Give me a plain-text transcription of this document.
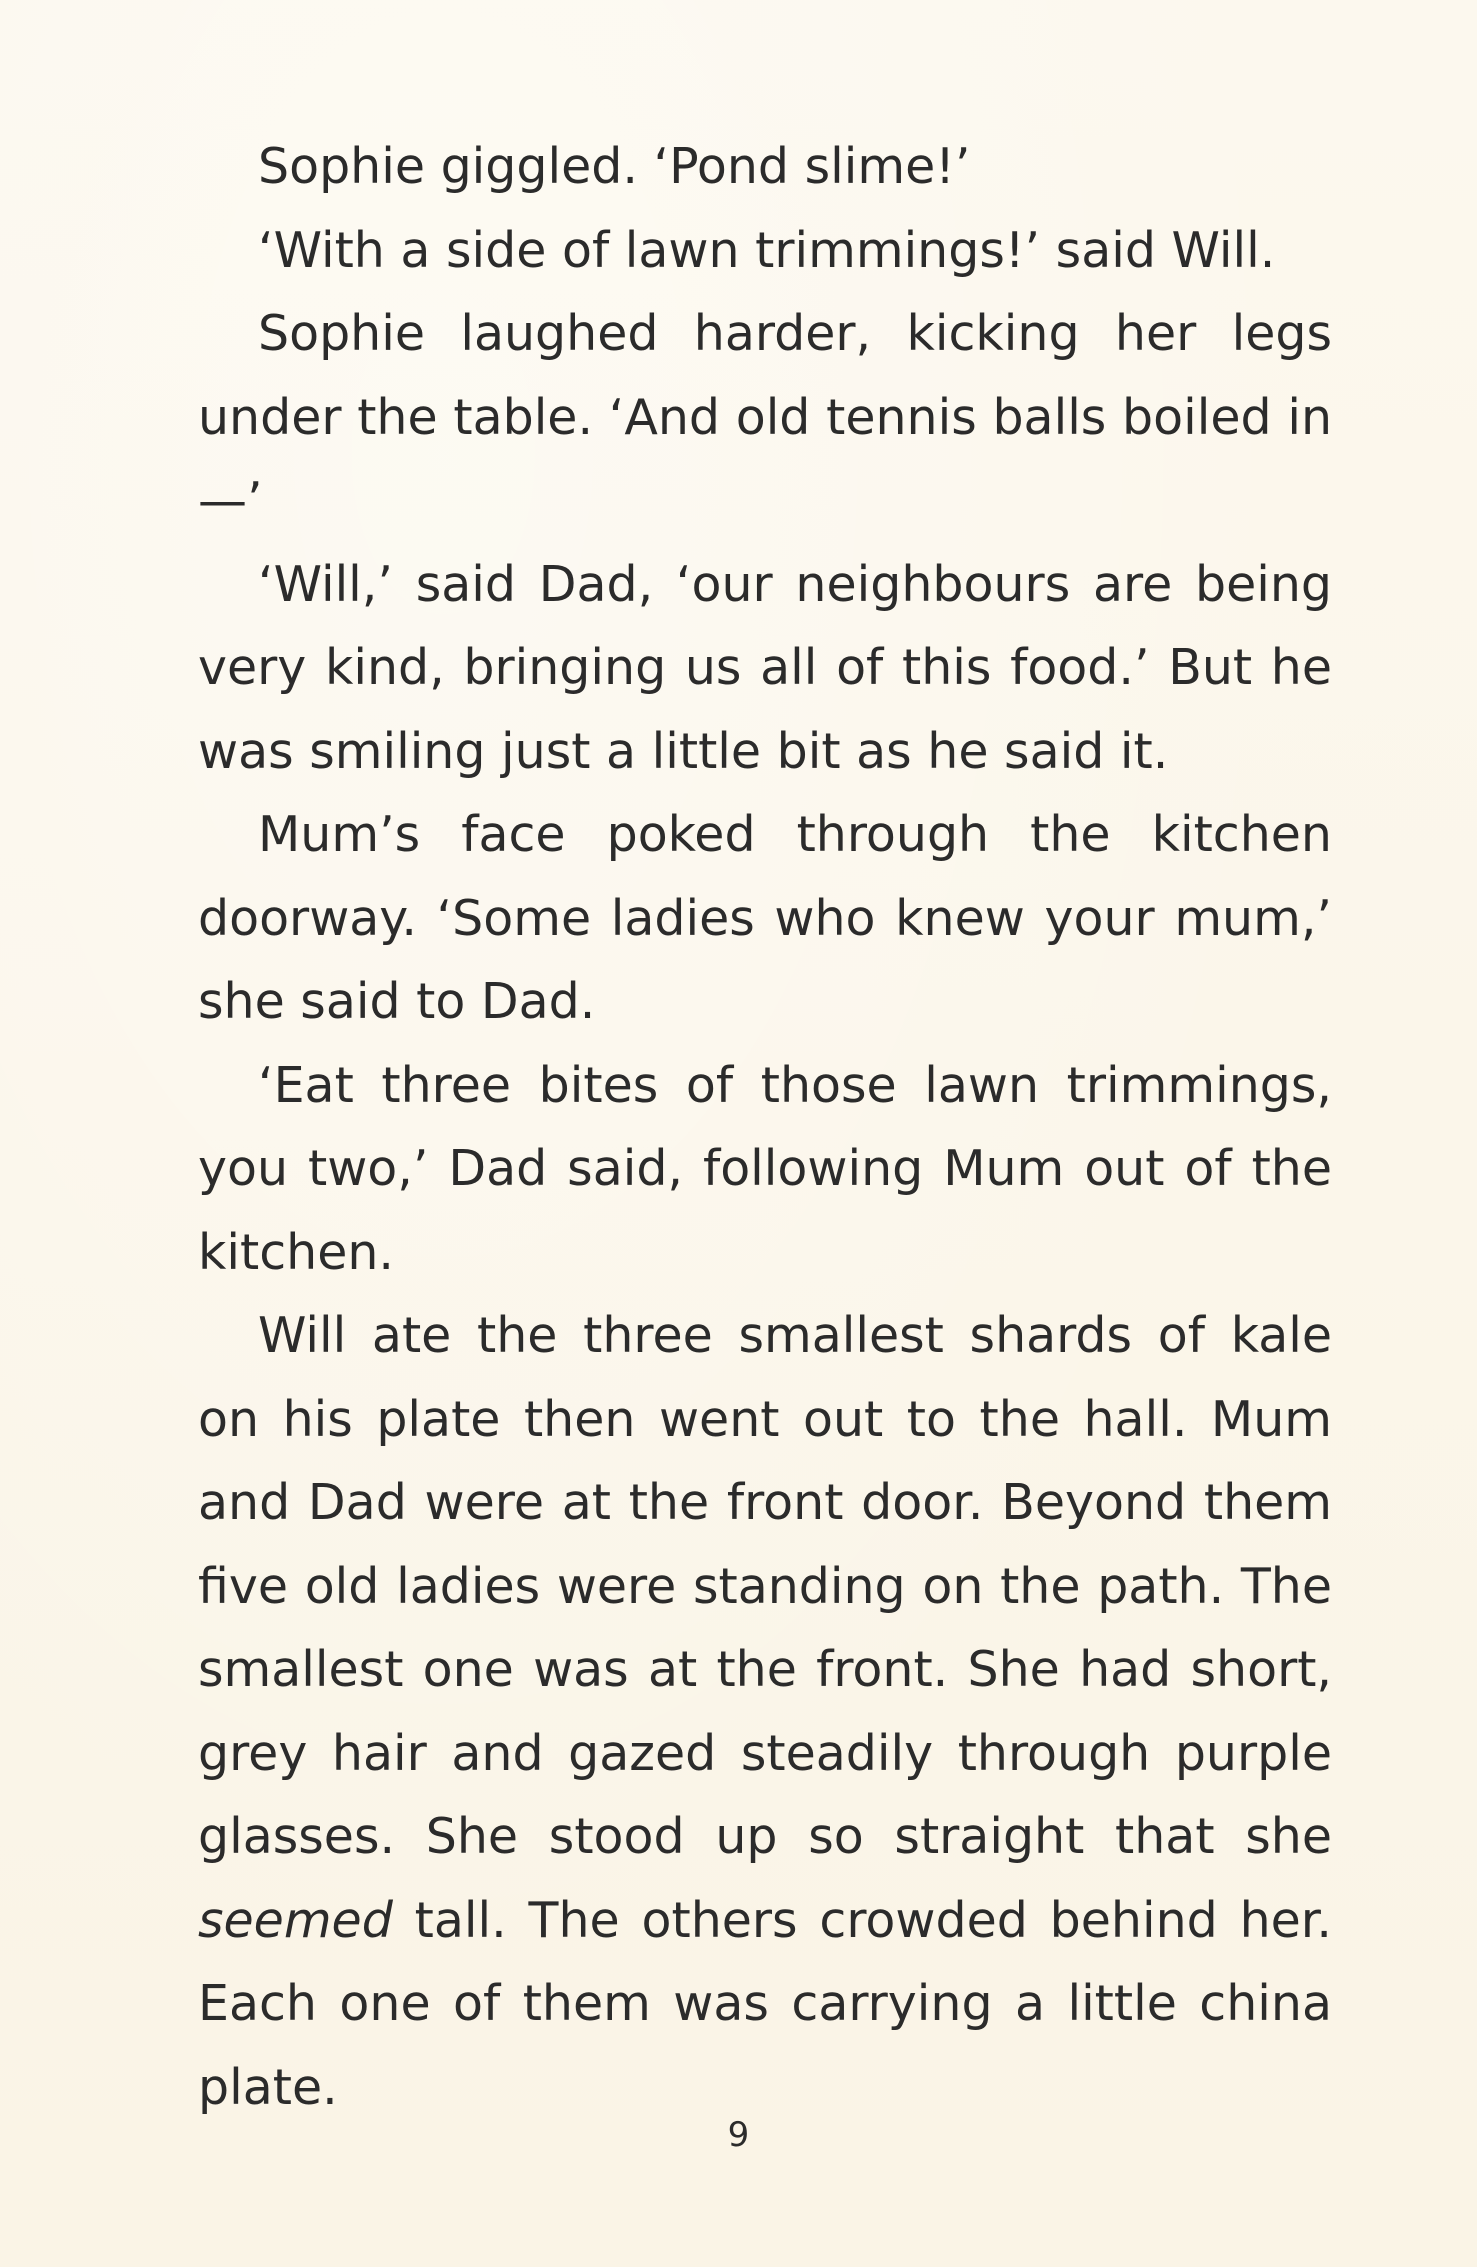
Sophie giggled. ‘Pond slime!’

‘With a side of lawn trimmings!’ said Will.

Sophie laughed harder, kicking her legs under the table. ‘And old tennis balls boiled in—’

‘Will,’ said Dad, ‘our neighbours are being very kind, bringing us all of this food.’ But he was smiling just a little bit as he said it.

Mum’s face poked through the kitchen doorway. ‘Some ladies who knew your mum,’ she said to Dad.

‘Eat three bites of those lawn trimmings, you two,’ Dad said, following Mum out of the kitchen.

Will ate the three smallest shards of kale on his plate then went out to the hall. Mum and Dad were at the front door. Beyond them five old ladies were standing on the path. The smallest one was at the front. She had short, grey hair and gazed steadily through purple glasses. She stood up so straight that she seemed tall. The others crowded behind her. Each one of them was carrying a little china plate.

9
